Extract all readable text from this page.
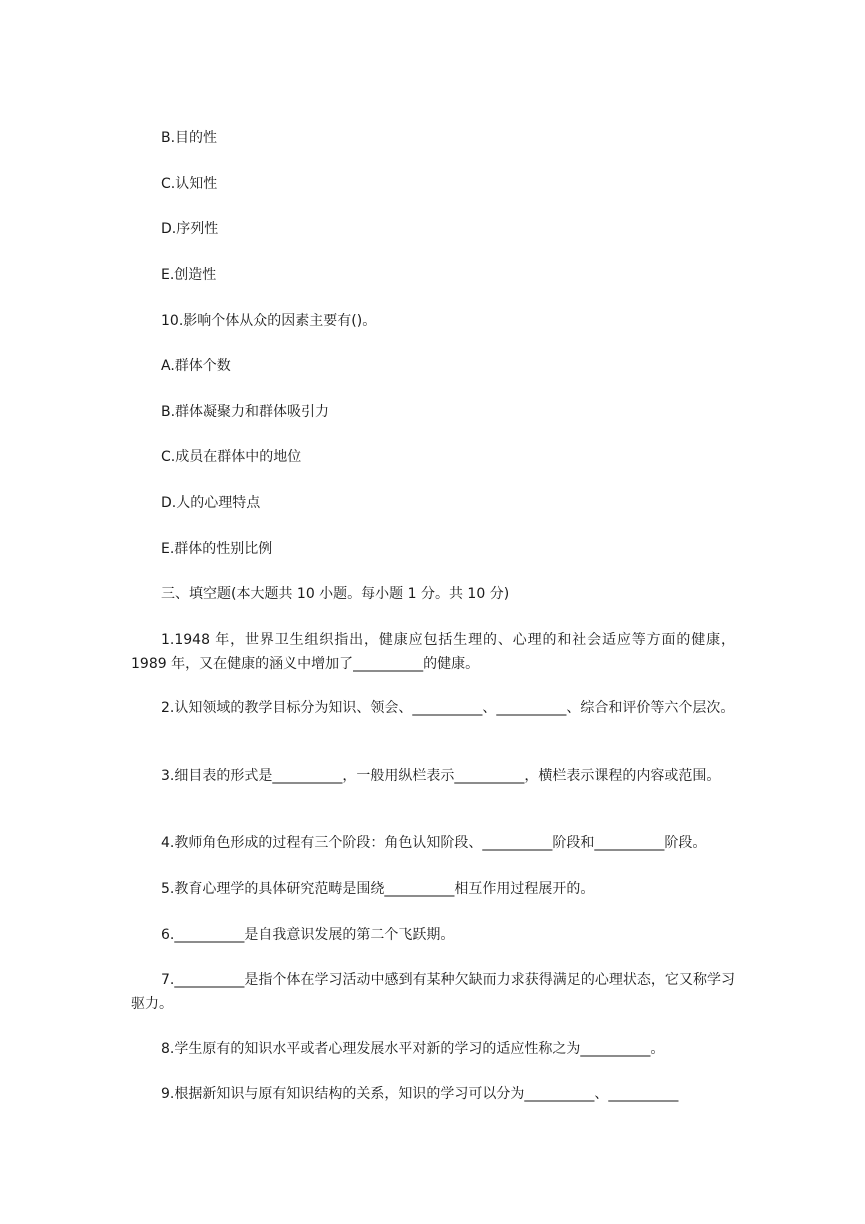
B.目的性
C.认知性
D.序列性
E.创造性
10.影响个体从众的因素主要有()。
A.群体个数
B.群体凝聚力和群体吸引力
C.成员在群体中的地位
D.人的心理特点
E.群体的性别比例
三、填空题(本大题共 10 小题。每小题 1 分。共 10 分)
1.1948 年，世界卫生组织指出，健康应包括生理的、心理的和社会适应等方面的健康，1989 年，又在健康的涵义中增加了__________的健康。
2.认知领域的教学目标分为知识、领会、__________、__________、综合和评价等六个层次。
3.细目表的形式是__________，一般用纵栏表示__________，横栏表示课程的内容或范围。
4.教师角色形成的过程有三个阶段：角色认知阶段、__________阶段和__________阶段。
5.教育心理学的具体研究范畴是围绕__________相互作用过程展开的。
6.__________是自我意识发展的第二个飞跃期。
7.__________是指个体在学习活动中感到有某种欠缺而力求获得满足的心理状态，它又称学习驱力。
8.学生原有的知识水平或者心理发展水平对新的学习的适应性称之为__________。
9.根据新知识与原有知识结构的关系，知识的学习可以分为__________、__________
